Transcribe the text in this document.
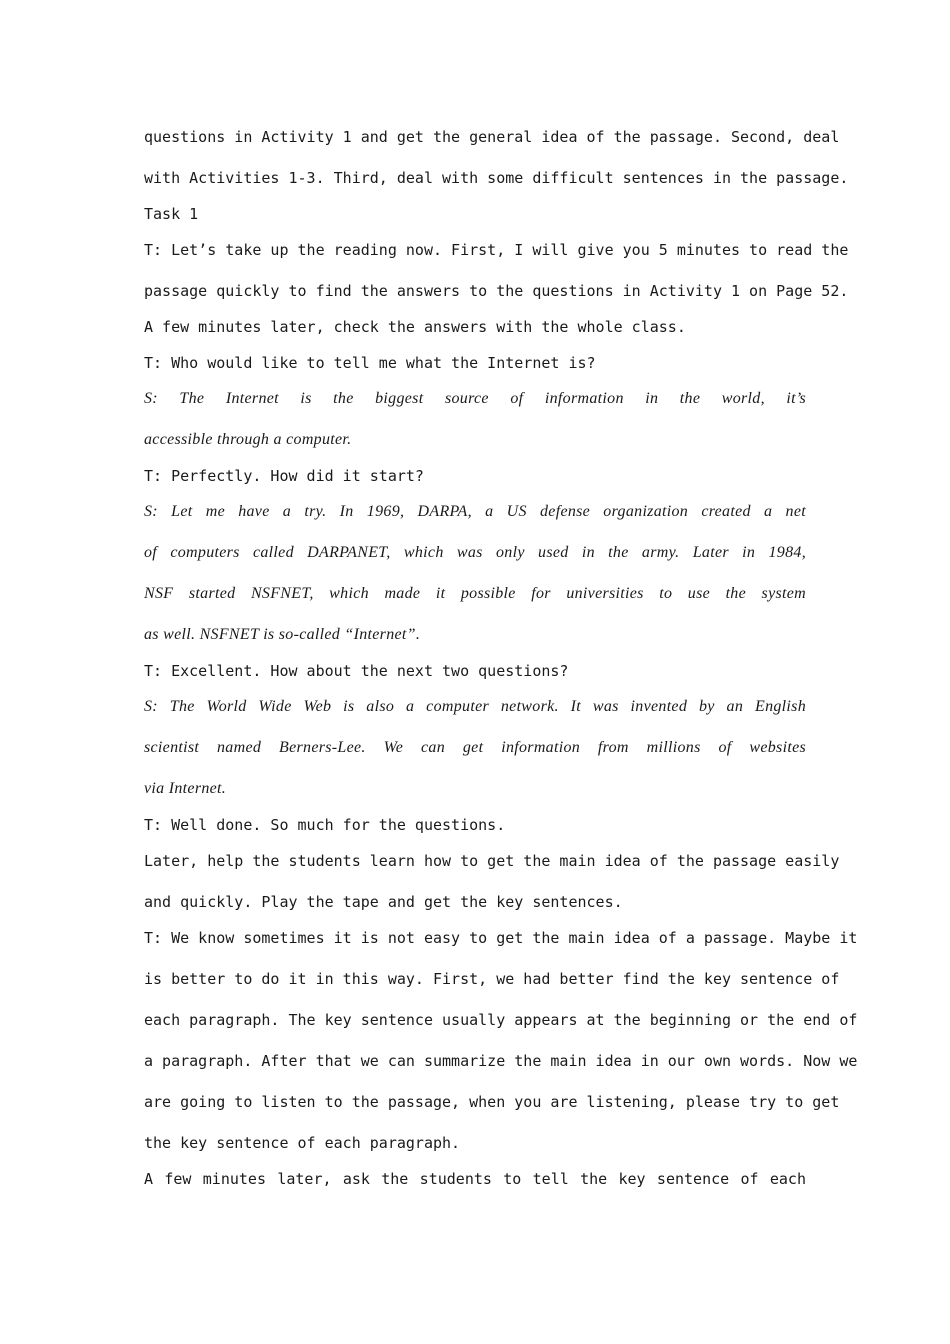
questions in Activity 1 and get the general idea of the passage. Second, deal
with Activities 1-3. Third, deal with some difficult sentences in the passage.
Task 1
T: Let’s take up the reading now. First, I will give you 5 minutes to read the
passage quickly to find the answers to the questions in Activity 1 on Page 52.
A few minutes later, check the answers with the whole class.
T: Who would like to tell me what the Internet is?
S: The Internet is the biggest source of information in the world, it’s
accessible through a computer.
T: Perfectly. How did it start?
S: Let me have a try. In 1969, DARPA, a US defense organization created a net
of computers called DARPANET, which was only used in the army. Later in 1984,
NSF started NSFNET, which made it possible for universities to use the system
as well. NSFNET is so-called “Internet”.
T: Excellent. How about the next two questions?
S: The World Wide Web is also a computer network. It was invented by an English
scientist named Berners-Lee. We can get information from millions of websites
via Internet.
T: Well done. So much for the questions.
Later, help the students learn how to get the main idea of the passage easily
and quickly. Play the tape and get the key sentences.
T: We know sometimes it is not easy to get the main idea of a passage. Maybe it
is better to do it in this way. First, we had better find the key sentence of
each paragraph. The key sentence usually appears at the beginning or the end of
a paragraph. After that we can summarize the main idea in our own words. Now we
are going to listen to the passage, when you are listening, please try to get
the key sentence of each paragraph.
A few minutes later, ask the students to tell the key sentence of each
